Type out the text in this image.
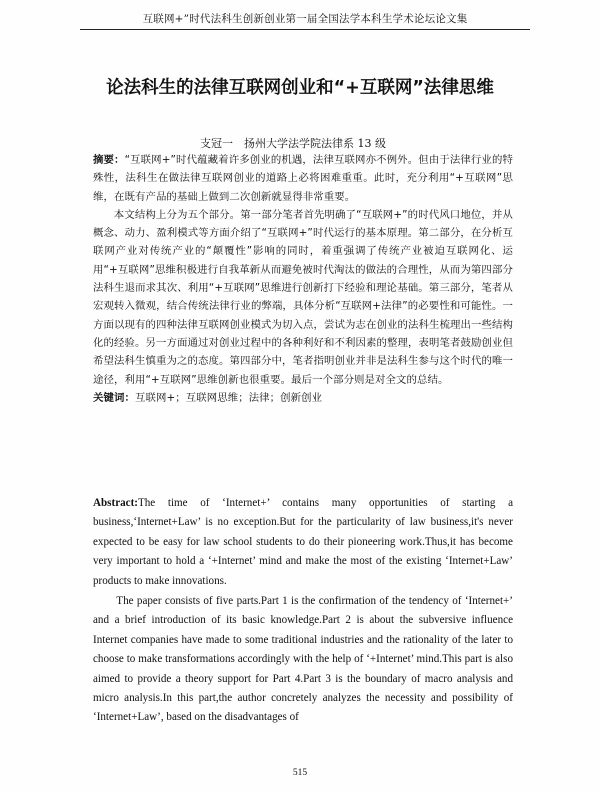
互联网+”时代法科生创新创业第一届全国法学本科生学术论坛论文集
论法科生的法律互联网创业和“+互联网”法律思维
支冠一　扬州大学法学院法律系 13 级

摘要：“互联网+”时代蕴藏着许多创业的机遇，法律互联网亦不例外。但由于法律行业的特殊性，法科生在做法律互联网创业的道路上必将困难重重。此时，充分利用“+互联网”思维，在既有产品的基础上做到二次创新就显得非常重要。

本文结构上分为五个部分。第一部分笔者首先明确了“互联网+”的时代风口地位，并从概念、动力、盈利模式等方面介绍了“互联网+”时代运行的基本原理。第二部分，在分析互联网产业对传统产业的“颠覆性”影响的同时，着重强调了传统产业被迫互联网化、运用“+互联网”思维积极进行自我革新从而避免被时代淘汰的做法的合理性，从而为第四部分法科生退而求其次、利用“+互联网”思维进行创新打下经验和理论基础。第三部分，笔者从宏观转入微观，结合传统法律行业的弊端，具体分析“互联网+法律”的必要性和可能性。一方面以现有的四种法律互联网创业模式为切入点，尝试为志在创业的法科生梳理出一些结构化的经验。另一方面通过对创业过程中的各种利好和不利因素的整理，表明笔者鼓励创业但希望法科生慎重为之的态度。第四部分中，笔者指明创业并非是法科生参与这个时代的唯一途径，利用“+互联网”思维创新也很重要。最后一个部分则是对全文的总结。

关键词：互联网+；互联网思维；法律；创新创业

Abstract:The time of ‘Internet+’ contains many opportunities of starting a business,‘Internet+Law’ is no exception.But for the particularity of law business,it's never expected to be easy for law school students to do their pioneering work.Thus,it has become very important to hold a ‘+Internet’ mind and make the most of the existing ‘Internet+Law’ products to make innovations.

The paper consists of five parts.Part 1 is the confirmation of the tendency of ‘Internet+’ and a brief introduction of its basic knowledge.Part 2 is about the subversive influence Internet companies have made to some traditional industries and the rationality of the later to choose to make transformations accordingly with the help of ‘+Internet’ mind.This part is also aimed to provide a theory support for Part 4.Part 3 is the boundary of macro analysis and micro analysis.In this part,the author concretely analyzes the necessity and possibility of ‘Internet+Law’, based on the disadvantages of

515
